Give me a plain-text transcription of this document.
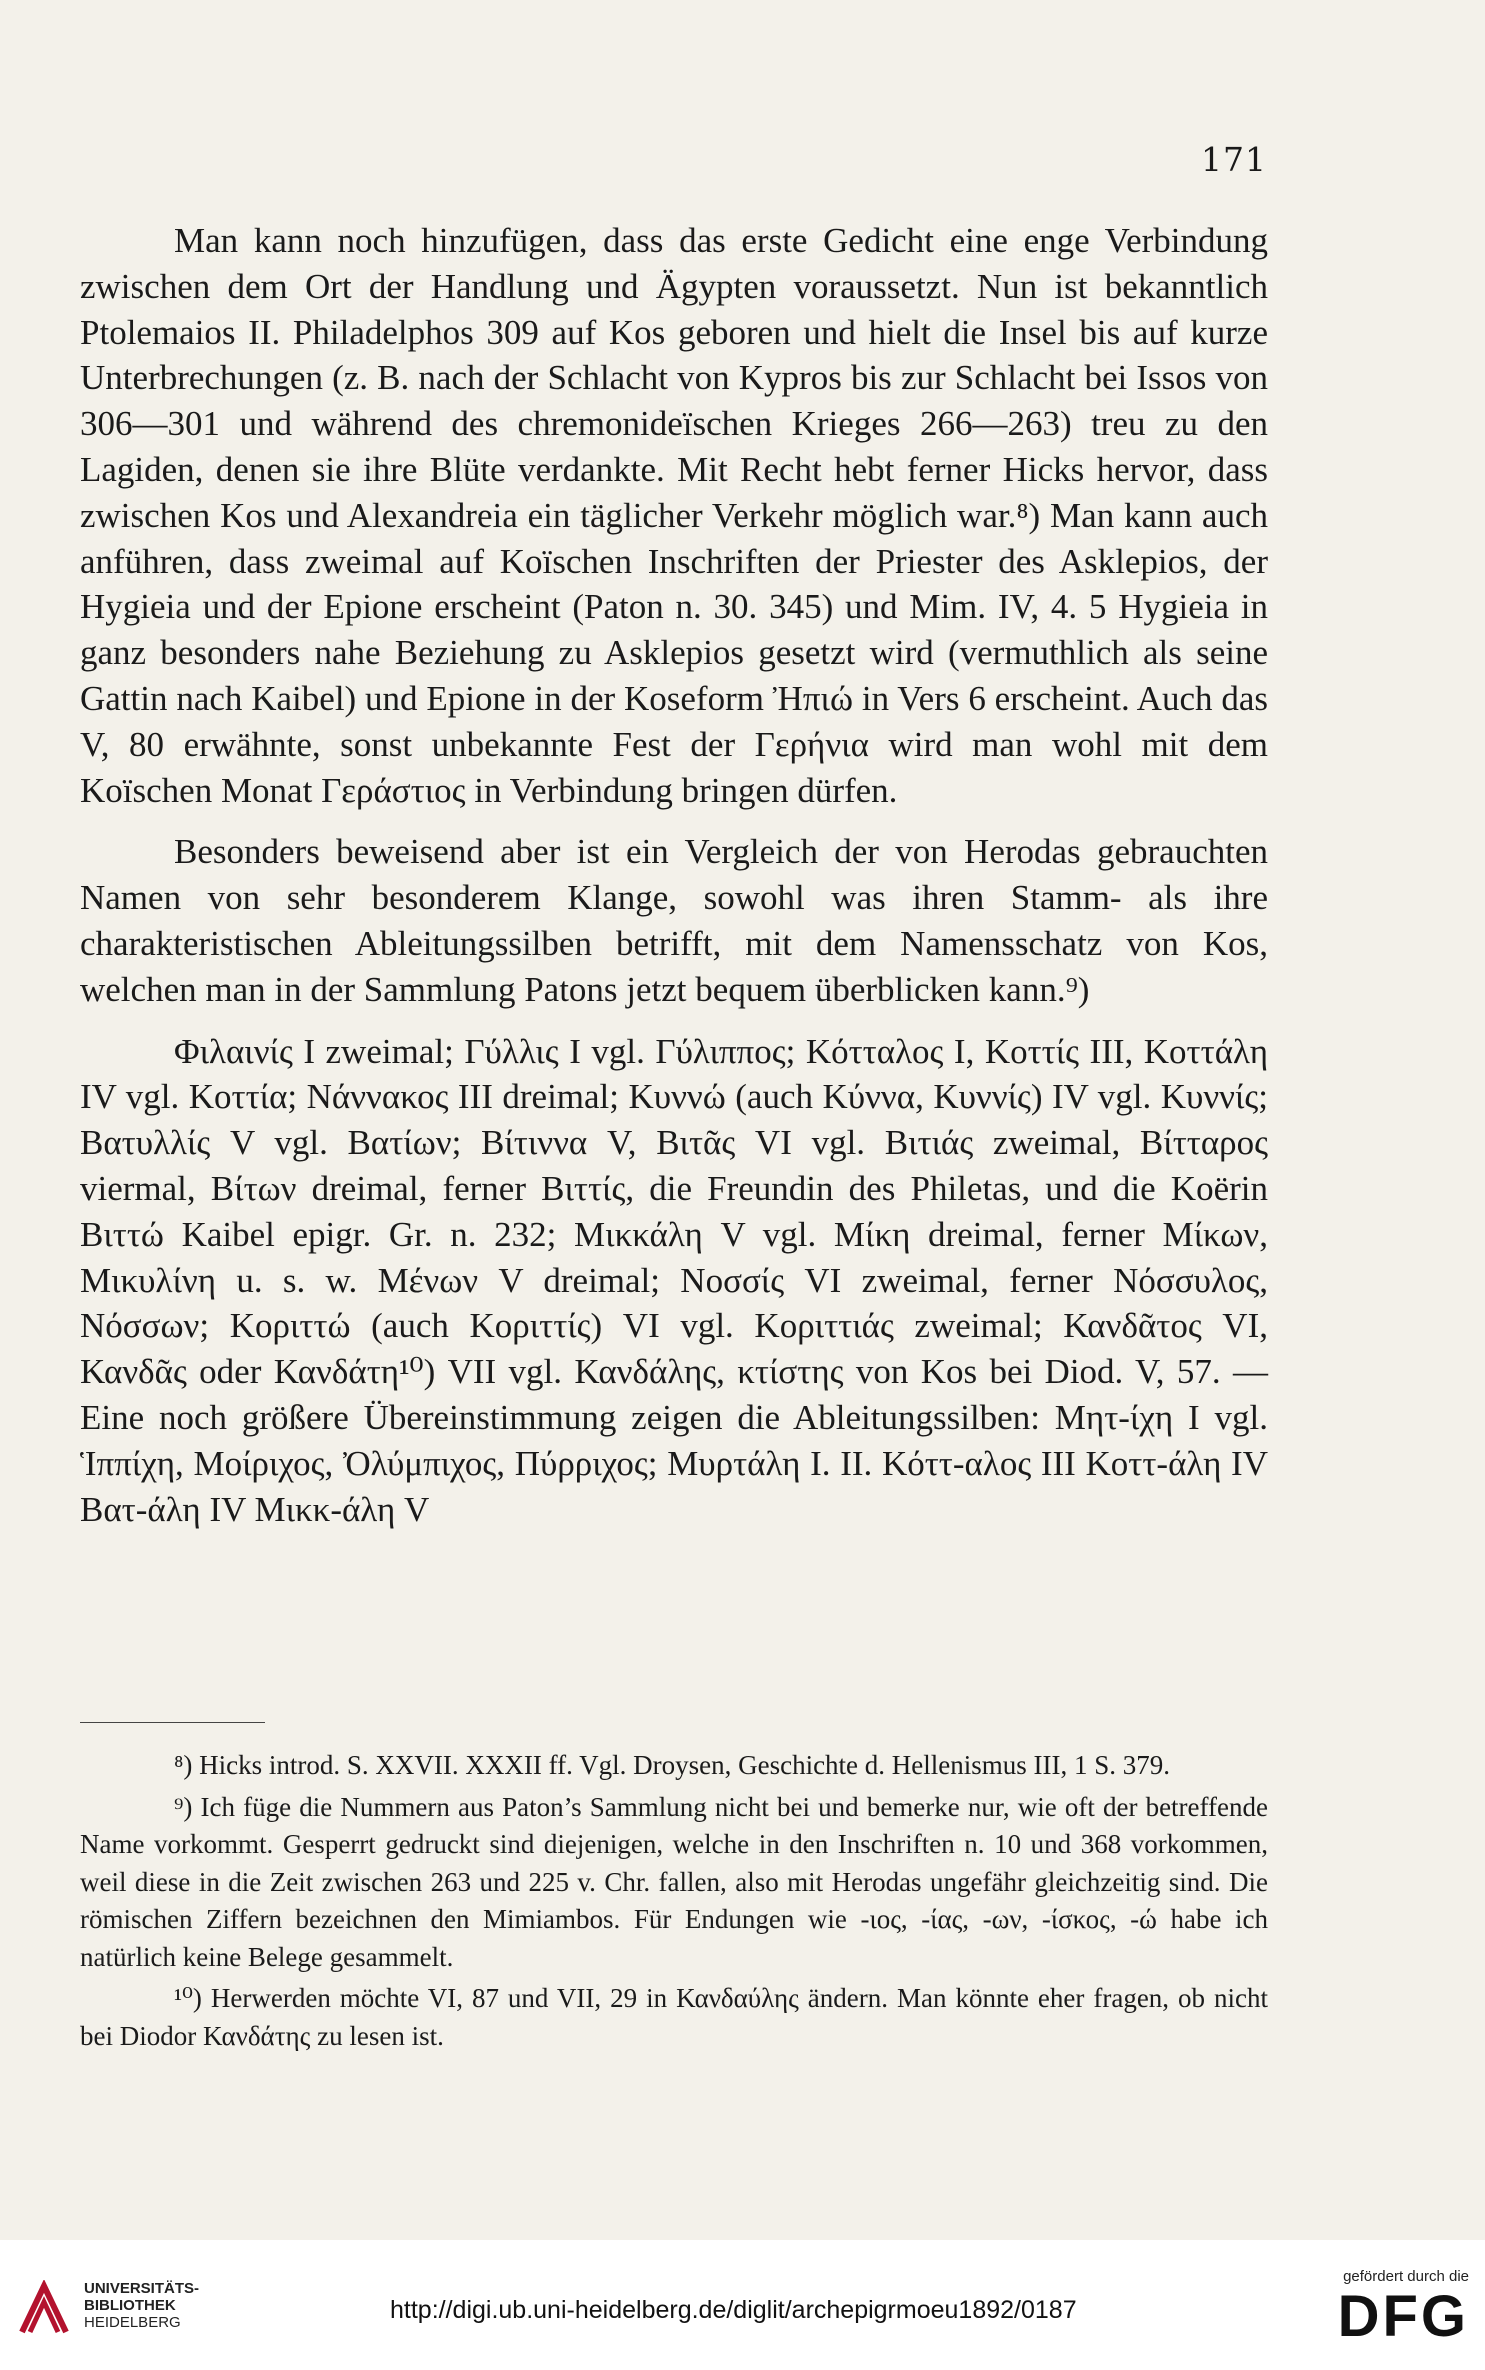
171

Man kann noch hinzufügen, dass das erste Gedicht eine enge Verbindung zwischen dem Ort der Handlung und Ägypten voraussetzt. Nun ist bekanntlich Ptolemaios II. Philadelphos 309 auf Kos geboren und hielt die Insel bis auf kurze Unterbrechungen (z. B. nach der Schlacht von Kypros bis zur Schlacht bei Issos von 306—301 und während des chremonideïschen Krieges 266—263) treu zu den Lagiden, denen sie ihre Blüte verdankte. Mit Recht hebt ferner Hicks hervor, dass zwischen Kos und Alexandreia ein täglicher Verkehr möglich war.⁸) Man kann auch anführen, dass zweimal auf Koïschen Inschriften der Priester des Asklepios, der Hygieia und der Epione erscheint (Paton n. 30. 345) und Mim. IV, 4. 5 Hygieia in ganz besonders nahe Beziehung zu Asklepios gesetzt wird (vermuthlich als seine Gattin nach Kaibel) und Epione in der Koseform Ἠπιώ in Vers 6 erscheint. Auch das V, 80 erwähnte, sonst unbekannte Fest der Γερήνια wird man wohl mit dem Koïschen Monat Γεράστιος in Verbindung bringen dürfen.

Besonders beweisend aber ist ein Vergleich der von Herodas gebrauchten Namen von sehr besonderem Klange, sowohl was ihren Stamm- als ihre charakteristischen Ableitungssilben betrifft, mit dem Namensschatz von Kos, welchen man in der Sammlung Patons jetzt bequem überblicken kann.⁹)

Φιλαινίς I zweimal; Γύλλις I vgl. Γύλιππος; Κότταλος I, Κοττίς III, Κοττάλη IV vgl. Κοττία; Νάννακος III dreimal; Κυννώ (auch Κύννα, Κυννίς) IV vgl. Κυννίς; Βατυλλίς V vgl. Βατίων; Βίτιννα V, Βιτᾶς VI vgl. Βιτιάς zweimal, Βίτταρος viermal, Βίτων dreimal, ferner Βιττίς, die Freundin des Philetas, und die Koërin Βιττώ Kaibel epigr. Gr. n. 232; Μικκάλη V vgl. Μίκη dreimal, ferner Μίκων, Μικυλίνη u. s. w. Μένων V dreimal; Νοσσίς VI zweimal, ferner Νόσσυλος, Νόσσων; Κοριττώ (auch Κοριττίς) VI vgl. Κοριττιάς zweimal; Κανδᾶτος VI, Κανδᾶς oder Κανδάτη¹⁰) VII vgl. Κανδάλης, κτίστης von Kos bei Diod. V, 57. — Eine noch größere Übereinstimmung zeigen die Ableitungssilben: Μητ-ίχη I vgl. Ἱππίχη, Μοίριχος, Ὀλύμπιχος, Πύρριχος; Μυρτάλη I. II. Κόττ-αλος III Κοττ-άλη IV Βατ-άλη IV Μικκ-άλη V

⁸) Hicks introd. S. XXVII. XXXII ff. Vgl. Droysen, Geschichte d. Hellenismus III, 1 S. 379.

⁹) Ich füge die Nummern aus Paton’s Sammlung nicht bei und bemerke nur, wie oft der betreffende Name vorkommt. Gesperrt gedruckt sind diejenigen, welche in den Inschriften n. 10 und 368 vorkommen, weil diese in die Zeit zwischen 263 und 225 v. Chr. fallen, also mit Herodas ungefähr gleichzeitig sind. Die römischen Ziffern bezeichnen den Mimiambos. Für Endungen wie -ιος, -ίας, -ων, -ίσκος, -ώ habe ich natürlich keine Belege gesammelt.

¹⁰) Herwerden möchte VI, 87 und VII, 29 in Κανδαύλης ändern. Man könnte eher fragen, ob nicht bei Diodor Κανδάτης zu lesen ist.

UNIVERSITÄTS-
BIBLIOTHEK
HEIDELBERG	http://digi.ub.uni-heidelberg.de/diglit/archepigrmoeu1892/0187
gefördert durch die
DFG
